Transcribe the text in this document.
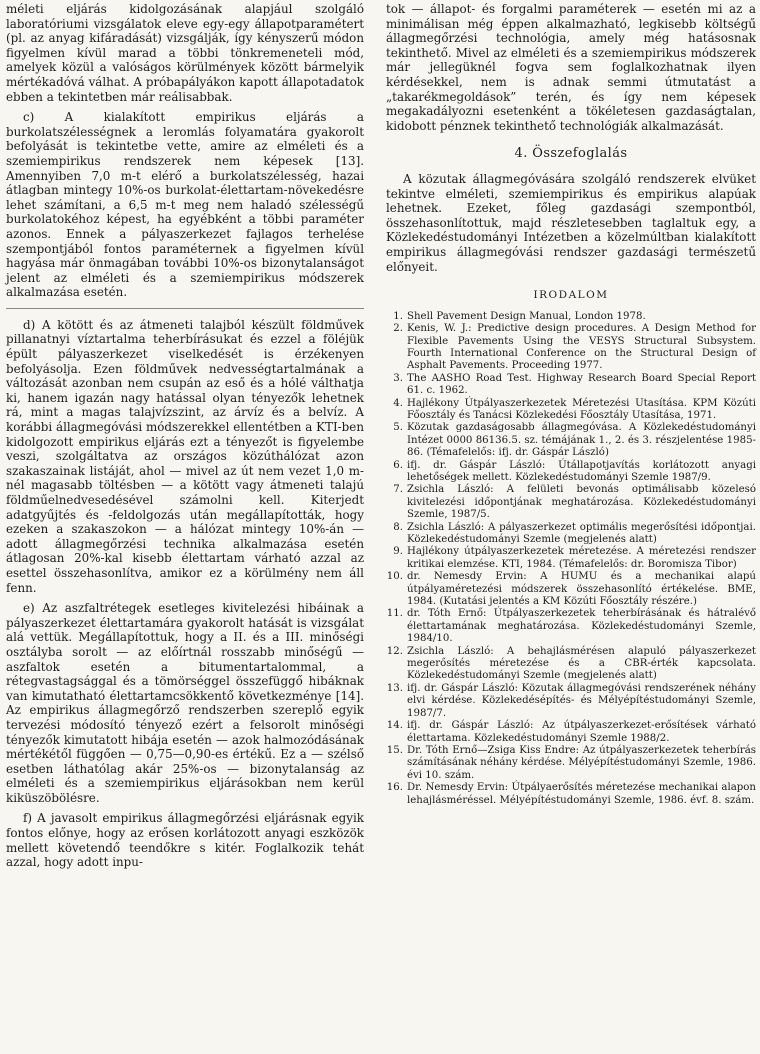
méleti eljárás kidolgozásának alapjául szolgáló laboratóriumi vizsgálatok eleve egy-egy állapotparamétert (pl. az anyag kifáradását) vizsgálják, így kényszerű módon figyelmen kívül marad a többi tönkremeneteli mód, amelyek közül a valóságos körülmények között bármelyik mértékadóvá válhat. A próbapályákon kapott állapotadatok ebben a tekintetben már reálisabbak.

c) A kialakított empirikus eljárás a burkolatszélességnek a leromlás folyamatára gyakorolt befolyását is tekintetbe vette, amire az elméleti és a szemiempirikus rendszerek nem képesek [13]. Amennyiben 7,0 m-t elérő a burkolatszélesség, hazai átlagban mintegy 10%-os burkolat-élettartam-növekedésre lehet számítani, a 6,5 m-t meg nem haladó szélességű burkolatokéhoz képest, ha egyébként a többi paraméter azonos. Ennek a pályaszerkezet fajlagos terhelése szempontjából fontos paraméternek a figyelmen kívül hagyása már önmagában további 10%-os bizonytalanságot jelent az elméleti és a szemiempirikus módszerek alkalmazása esetén.

d) A kötött és az átmeneti talajból készült földművek pillanatnyi víztartalma teherbírásukat és ezzel a föléjük épült pályaszerkezet viselkedését is érzékenyen befolyásolja. Ezen földművek nedvességtartalmának a változását azonban nem csupán az eső és a hólé válthatja ki, hanem igazán nagy hatással olyan tényezők lehetnek rá, mint a magas talajvízszint, az árvíz és a belvíz. A korábbi állagmegóvási módszerekkel ellentétben a KTI-ben kidolgozott empirikus eljárás ezt a tényezőt is figyelembe veszi, szolgáltatva az országos közúthálózat azon szakaszainak listáját, ahol — mivel az út nem vezet 1,0 m-nél magasabb töltésben — a kötött vagy átmeneti talajú földműelnedvesedésével számolni kell. Kiterjedt adatgyűjtés és -feldolgozás után megállapították, hogy ezeken a szakaszokon — a hálózat mintegy 10%-án — adott állagmegőrzési technika alkalmazása esetén átlagosan 20%-kal kisebb élettartam várható azzal az esettel összehasonlítva, amikor ez a körülmény nem áll fenn.

e) Az aszfaltrétegek esetleges kivitelezési hibáinak a pályaszerkezet élettartamára gyakorolt hatását is vizsgálat alá vettük. Megállapítottuk, hogy a II. és a III. minőségi osztályba sorolt — az előírtnál rosszabb minőségű — aszfaltok esetén a bitumentartalommal, a rétegvastagsággal és a tömörséggel összefüggő hibáknak van kimutatható élettartamcsökkentő következménye [14]. Az empirikus állagmegőrző rendszerben szereplő egyik tervezési módosító tényező ezért a felsorolt minőségi tényezők kimutatott hibája esetén — azok halmozódásának mértékétől függően — 0,75—0,90-es értékű. Ez a — szélső esetben láthatólag akár 25%-os — bizonytalanság az elméleti és a szemiempirikus eljárásokban nem kerül kiküszöbölésre.

f) A javasolt empirikus állagmegőrzési eljárásnak egyik fontos előnye, hogy az erősen korlátozott anyagi eszközök mellett követendő teendőkre s kitér. Foglalkozik tehát azzal, hogy adott inpu-

tok — állapot- és forgalmi paraméterek — esetén mi az a minimálisan még éppen alkalmazható, legkisebb költségű állagmegőrzési technológia, amely még hatásosnak tekinthető. Mivel az elméleti és a szemiempirikus módszerek már jellegüknél fogva sem foglalkozhatnak ilyen kérdésekkel, nem is adnak semmi útmutatást a „takarékmegoldások” terén, és így nem képesek megakadályozni esetenként a tökéletesen gazdaságtalan, kidobott pénznek tekinthető technológiák alkalmazását.

4. Összefoglalás

A közutak állagmegóvására szolgáló rendszerek elvüket tekintve elméleti, szemiempirikus és empirikus alapúak lehetnek. Ezeket, főleg gazdasági szempontból, összehasonlítottuk, majd részletesebben taglaltuk egy, a Közlekedéstudományi Intézetben a közelmúltban kialakított empirikus állagmegóvási rendszer gazdasági természetű előnyeit.

IRODALOM
1. Shell Pavement Design Manual, London 1978.
2. Kenis, W. J.: Predictive design procedures. A Design Method for Flexible Pavements Using the VESYS Structural Subsystem. Fourth International Conference on the Structural Design of Asphalt Pavements. Proceeding 1977.
3. The AASHO Road Test. Highway Research Board Special Report 61. c. 1962.
4. Hajlékony Útpályaszerkezetek Méretezési Utasítása. KPM Közúti Főosztály és Tanácsi Közlekedési Főosztály Utasítása, 1971.
5. Közutak gazdaságosabb állagmegóvása. A Közlekedéstudományi Intézet 0000 86136.5. sz. témájának 1., 2. és 3. részjelentése 1985-86. (Témafelelős: ifj. dr. Gáspár László)
6. ifj. dr. Gáspár László: Útállapotjavítás korlátozott anyagi lehetőségek mellett. Közlekedéstudományi Szemle 1987/9.
7. Zsichla László: A felületi bevonás optimálisabb közelesó kivitelezési időpontjának meghatározása. Közlekedéstudományi Szemle, 1987/5.
8. Zsichla László: A pályaszerkezet optimális megerősítési időpontjai. Közlekedéstudományi Szemle (megjelenés alatt)
9. Hajlékony útpályaszerkezetek méretezése. A méretezési rendszer kritikai elemzése. KTI, 1984. (Témafelelős: dr. Boromisza Tibor)
10. dr. Nemesdy Ervin: A HUMU és a mechanikai alapú útpályaméretezési módszerek összehasonlító értékelése. BME, 1984. (Kutatási jelentés a KM Közúti Főosztály részére.)
11. dr. Tóth Ernő: Útpályaszerkezetek teherbírásának és hátralévő élettartamának meghatározása. Közlekedéstudományi Szemle, 1984/10.
12. Zsichla László: A behajlásmérésen alapuló pályaszerkezet megerősítés méretezése és a CBR-érték kapcsolata. Közlekedéstudományi Szemle (megjelenés alatt)
13. ifj. dr. Gáspár László: Közutak állagmegóvási rendszerének néhány elvi kérdése. Közlekedésépítés- és Mélyépítéstudományi Szemle, 1987/7.
14. ifj. dr. Gáspár László: Az útpályaszerkezet-erősítések várható élettartama. Közlekedéstudományi Szemle 1988/2.
15. Dr. Tóth Ernő—Zsiga Kiss Endre: Az útpályaszerkezetek teherbírás számításának néhány kérdése. Mélyépítéstudományi Szemle, 1986. évi 10. szám.
16. Dr. Nemesdy Ervin: Útpályaerősítés méretezése mechanikai alapon lehajlásméréssel. Mélyépítéstudományi Szemle, 1986. évf. 8. szám.
